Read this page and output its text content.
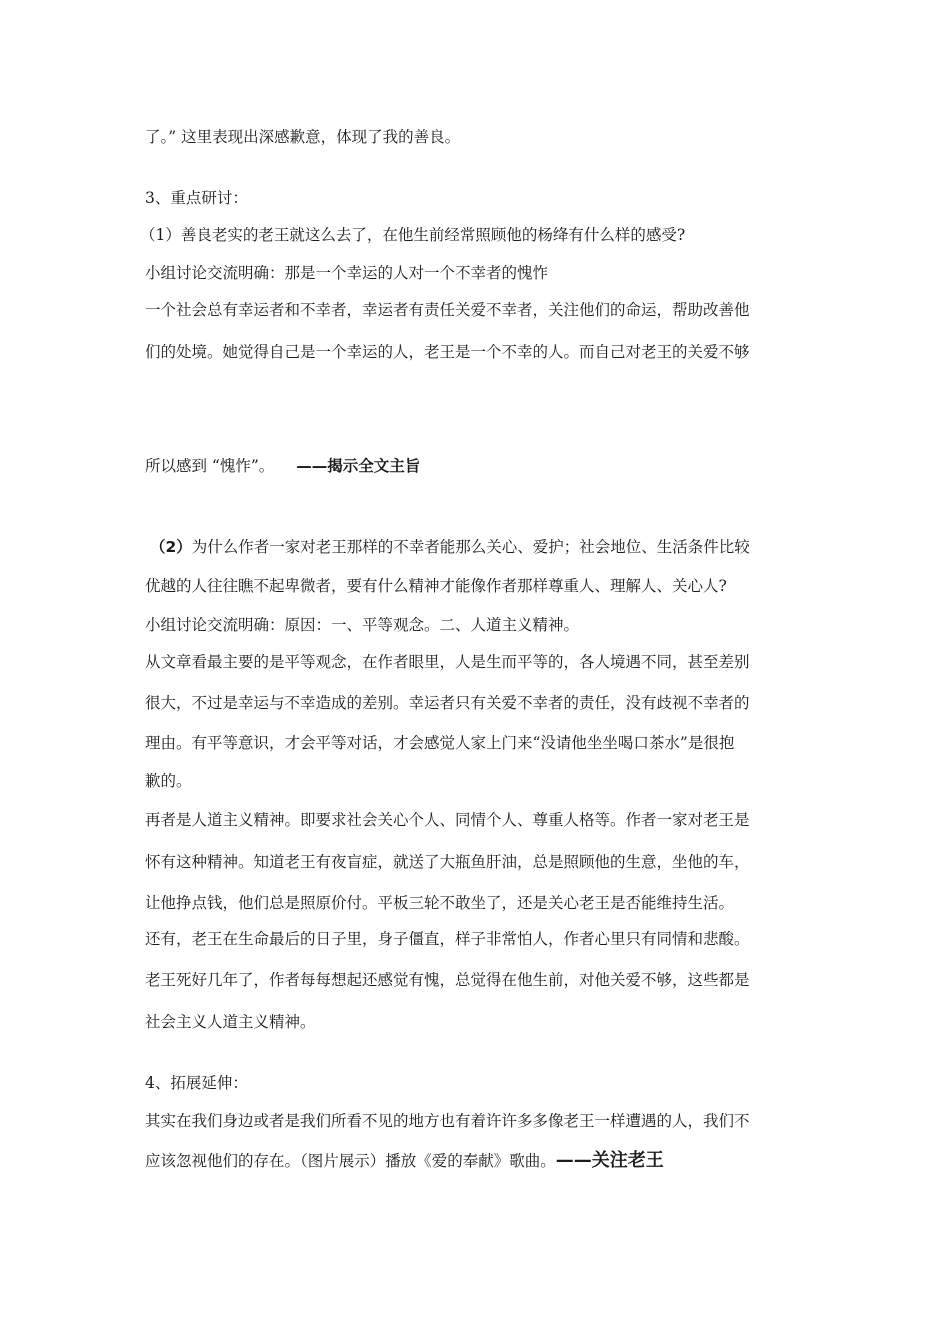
了。” 这里表现出深感歉意，体现了我的善良。
3、重点研讨：
（1）善良老实的老王就这么去了，在他生前经常照顾他的杨绛有什么样的感受?
小组讨论交流明确：那是一个幸运的人对一个不幸者的愧怍
一个社会总有幸运者和不幸者，幸运者有责任关爱不幸者，关注他们的命运，帮助改善他
们的处境。她觉得自己是一个幸运的人，老王是一个不幸的人。而自己对老王的关爱不够
所以感到 “愧怍”。 ——揭示全文主旨
（2）为什么作者一家对老王那样的不幸者能那么关心、爱护；社会地位、生活条件比较
优越的人往往瞧不起卑微者，要有什么精神才能像作者那样尊重人、理解人、关心人?
小组讨论交流明确：原因：一、平等观念。二、人道主义精神。
从文章看最主要的是平等观念，在作者眼里，人是生而平等的，各人境遇不同，甚至差别
很大，不过是幸运与不幸造成的差别。幸运者只有关爱不幸者的责任，没有歧视不幸者的
理由。有平等意识，才会平等对话，才会感觉人家上门来“没请他坐坐喝口茶水”是很抱
歉的。
再者是人道主义精神。即要求社会关心个人、同情个人、尊重人格等。作者一家对老王是
怀有这种精神。知道老王有夜盲症，就送了大瓶鱼肝油，总是照顾他的生意，坐他的车，
让他挣点钱，他们总是照原价付。平板三轮不敢坐了，还是关心老王是否能维持生活。
还有，老王在生命最后的日子里，身子僵直，样子非常怕人，作者心里只有同情和悲酸。
老王死好几年了，作者每每想起还感觉有愧，总觉得在他生前，对他关爱不够，这些都是
社会主义人道主义精神。
4、拓展延伸：
其实在我们身边或者是我们所看不见的地方也有着许许多多像老王一样遭遇的人，我们不
应该忽视他们的存在。（图片展示）播放《爱的奉献》歌曲。——关注老王
